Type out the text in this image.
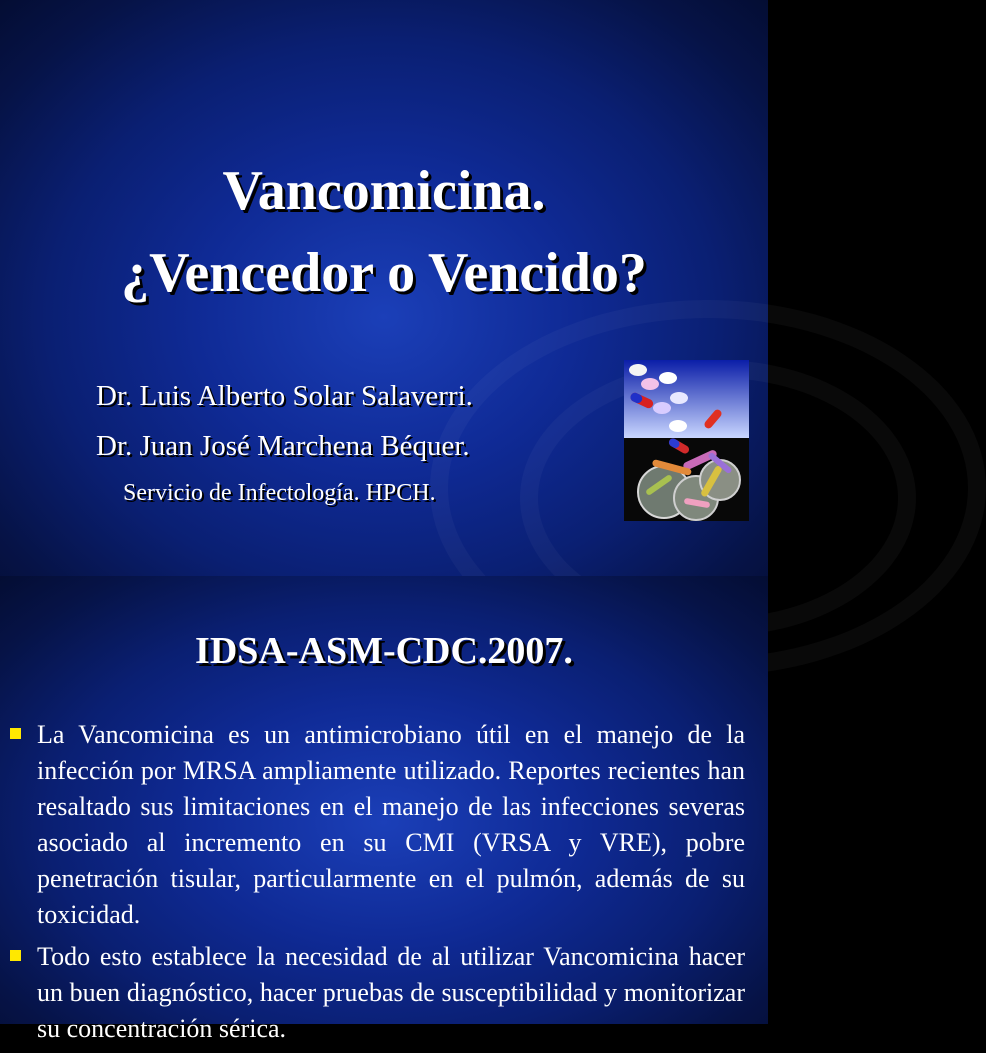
Vancomicina.
¿Vencedor o Vencido?
Dr. Luis Alberto Solar Salaverri.
Dr. Juan José Marchena Béquer.
Servicio de Infectología. HPCH.
IDSA-ASM-CDC.2007.
La Vancomicina es un antimicrobiano útil en el manejo de la infección por MRSA ampliamente utilizado. Reportes recientes han resaltado sus limitaciones en el manejo de las infecciones severas asociado al incremento en su CMI (VRSA y VRE), pobre penetración tisular, particularmente en el pulmón, además de su toxicidad.
Todo esto establece la necesidad de al utilizar Vancomicina hacer un buen diagnóstico, hacer pruebas de susceptibilidad y monitorizar su concentración sérica.
